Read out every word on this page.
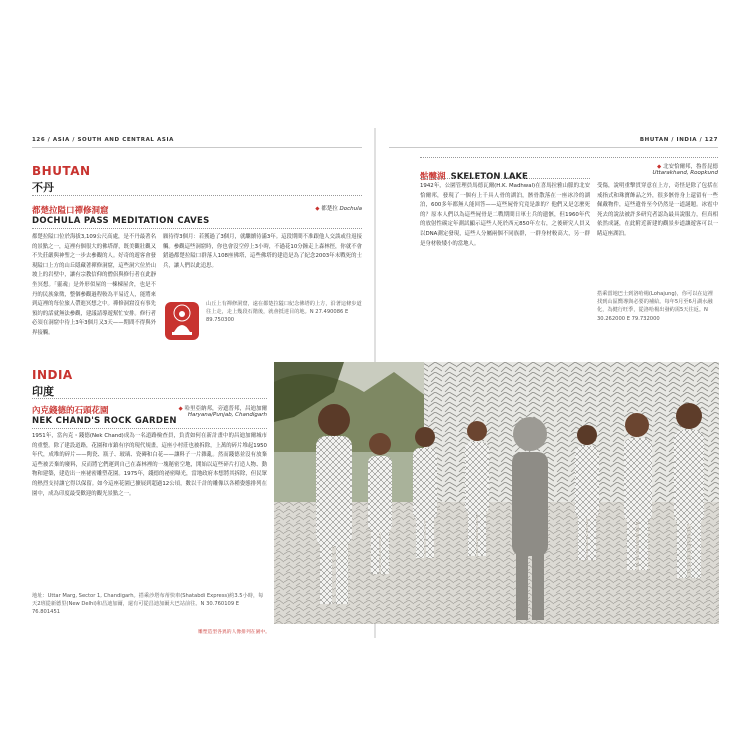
126 / ASIA / SOUTH AND CENTRAL ASIA
BHUTAN
不丹
都楚拉隘口禪修洞窟
DOCHULA PASS MEDITATION CAVES
◆ 都楚拉 Dochula
都楚拉隘口位於海拔3,109公尺高處，是不丹最著名的景點之一，這裡有個很大的佛塔群，既美觀壯觀又不失莊嚴與神聖之一步去參觀的人。好奇的遊客會發現隘口上方的山丘隱藏著禪修洞窟，這些洞穴位於山坡上的岩壁中，讓有宗教信仰的僧侶與修行者在此靜坐冥想。「靈魂」是外形似屋的一棟棟屋舍，也是不丹的民族象徵，整個參觀過程較為平易近人，能將來到這裡的每位旅人帶進冥想之中。禪修洞窟沒有事先預約的話就無法參觀，建議請導遊幫忙安排。修行者必須在洞窟中待上3年3個月又3天——期間不得與外界接觸。
願待得3個月：若獲過了3個月，就繼續待滿3年。這段期間不准跟他人交談或往返接觸。參觀這些洞窟時，你也會沒空停上3小時，不過花10分鐘走上森林徑，你就不會錯過都楚拉隘口群落人108座佛塔，這些佛塔的建造是為了紀念2003年末戰死的士兵，讓人們以此追思。
山丘上有禪修洞窟，遠在都楚拉隘口紀念佛塔的上方，沿著這條步道往上走，走上幾段石階後，就會抵達目的地。N 27.490086 E 89.750300
INDIA
印度
內克錢德的石頭花園
NEK CHAND'S ROCK GARDEN
◆ 哈里亞納邦，旁遮普邦，昌迪加爾
Haryana/Punjab, Chandigarh
1951年，當內克・錢德(Nek Chand)成為一名道路檢查員，負責如何在新計畫中的昌迪加爾城市的重整。除了建設道路，花園和市鎮有序的現代規畫，這座小村莊也被拆除，上萬的碎片堆起1950年代，成堆的碎片——陶瓷、瓶子、玻璃、瓷磚和白花——讓料子一片雜亂。然而錢德並沒有放棄這些被丟棄的廢料，反而將它們運到自己在森林裡的一塊秘密空地，開始以這些碎片打造人物、動物和建築，建造出一座祕密雕塑花園。1975年，錢德的祕密曝光，當地政府本想將其拆除，但民眾的熱烈支持讓它得以保留。如今這座花園已擴展到超過12公頃，數以千計的雕像以各種姿態排列在園中，成為印度最受歡迎的觀光景點之一。
地址：Uttar Marg, Sector 1, Chandigarh。搭乘沙塔布蒂快車(Shatabdi Express)約3.5小時，每天2班從新德里(New Delhi)和昌迪加爾，還有可從昌迪加爾大巴站前往。N 30.760109 E 76.801451
雕塑造型各異的人像排列在園中。
BHUTAN / INDIA / 127
骷髏湖 SKELETON LAKE
◆ 北安恰爾邦，魯普昆德
Uttarakhand, Roopkund
1942年，公園管理員馬德瓦爾(H.K. Madhwal)在喜馬拉雅山脈的北安恰爾邦，發現了一個有上千具人骨的湖泊，骸骨散落在一座冰冷的湖泊，600多年都無人能回答——這些屍骨究竟是誰的？他們又是怎麼死的？原本人們以為這些屍骨是二戰期間日軍士兵的遺骸，但1960年代的放射性碳定年測試顯示這些人死於西元850年左右，之後研究人員又以DNA測定發現，這些人分屬兩個不同族群，一群身材較高大，另一群是身材較矮小的當地人。
受傷，說明重擊貫穿意在上方，奇怪是除了包括在戒指式和珠寶飾品之外，很多骸骨身上還留有一些佩戴物件，這些遺骨至今仍然是一道謎題。冰雹中死去的說法被許多研究者認為最具說服力，但真相依然成謎，在此附近新建的觀景步道讓遊客可以一睹這座湖泊。
搭乘當地巴士到洛哈楊(Lohajung)，你可以在這裡找到山區嚮導與必要的補給。每年5月至6月湖水融化，為健行旺季，從洛哈楊出發約需5天往返。N 30.262000 E 79.732000
